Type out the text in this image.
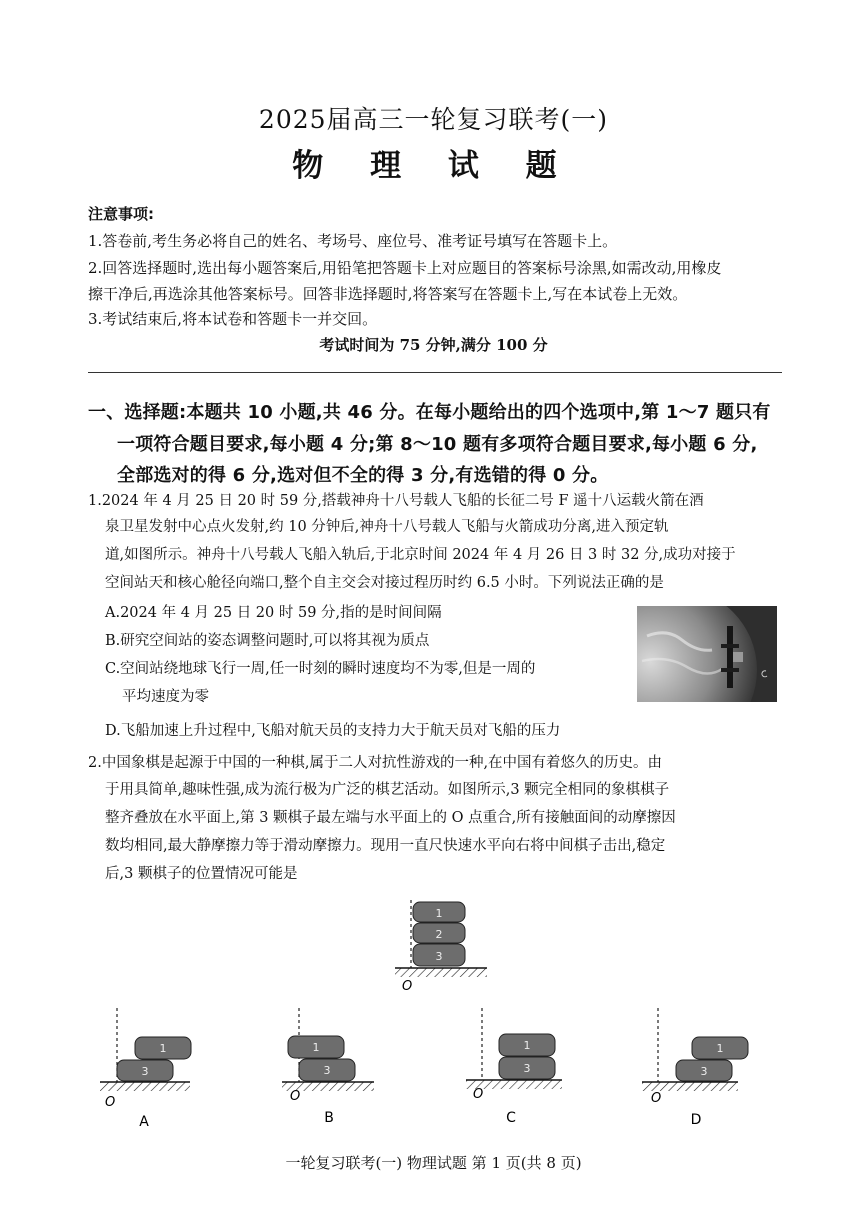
2025届高三一轮复习联考(一)
物 理 试 题
注意事项:
1.答卷前,考生务必将自己的姓名、考场号、座位号、准考证号填写在答题卡上。
2.回答选择题时,选出每小题答案后,用铅笔把答题卡上对应题目的答案标号涂黑,如需改动,用橡皮
擦干净后,再选涂其他答案标号。回答非选择题时,将答案写在答题卡上,写在本试卷上无效。
3.考试结束后,将本试卷和答题卡一并交回。
考试时间为 75 分钟,满分 100 分
一、选择题:本题共 10 小题,共 46 分。在每小题给出的四个选项中,第 1～7 题只有
一项符合题目要求,每小题 4 分;第 8～10 题有多项符合题目要求,每小题 6 分,
全部选对的得 6 分,选对但不全的得 3 分,有选错的得 0 分。
1.2024 年 4 月 25 日 20 时 59 分,搭载神舟十八号载人飞船的长征二号 F 遥十八运载火箭在酒
泉卫星发射中心点火发射,约 10 分钟后,神舟十八号载人飞船与火箭成功分离,进入预定轨
道,如图所示。神舟十八号载人飞船入轨后,于北京时间 2024 年 4 月 26 日 3 时 32 分,成功对接于
空间站天和核心舱径向端口,整个自主交会对接过程历时约 6.5 小时。下列说法正确的是
A.2024 年 4 月 25 日 20 时 59 分,指的是时间间隔
B.研究空间站的姿态调整问题时,可以将其视为质点
C.空间站绕地球飞行一周,任一时刻的瞬时速度均不为零,但是一周的
平均速度为零
D.飞船加速上升过程中,飞船对航天员的支持力大于航天员对飞船的压力
2.中国象棋是起源于中国的一种棋,属于二人对抗性游戏的一种,在中国有着悠久的历史。由
于用具简单,趣味性强,成为流行极为广泛的棋艺活动。如图所示,3 颗完全相同的象棋棋子
整齐叠放在水平面上,第 3 颗棋子最左端与水平面上的 O 点重合,所有接触面间的动摩擦因
数均相同,最大静摩擦力等于滑动摩擦力。现用一直尺快速水平向右将中间棋子击出,稳定
后,3 颗棋子的位置情况可能是
1
2
3
O
1
3
O
A
1
3
O
B
1
3
O
C
1
3
O
D
一轮复习联考(一) 物理试题 第 1 页(共 8 页)
